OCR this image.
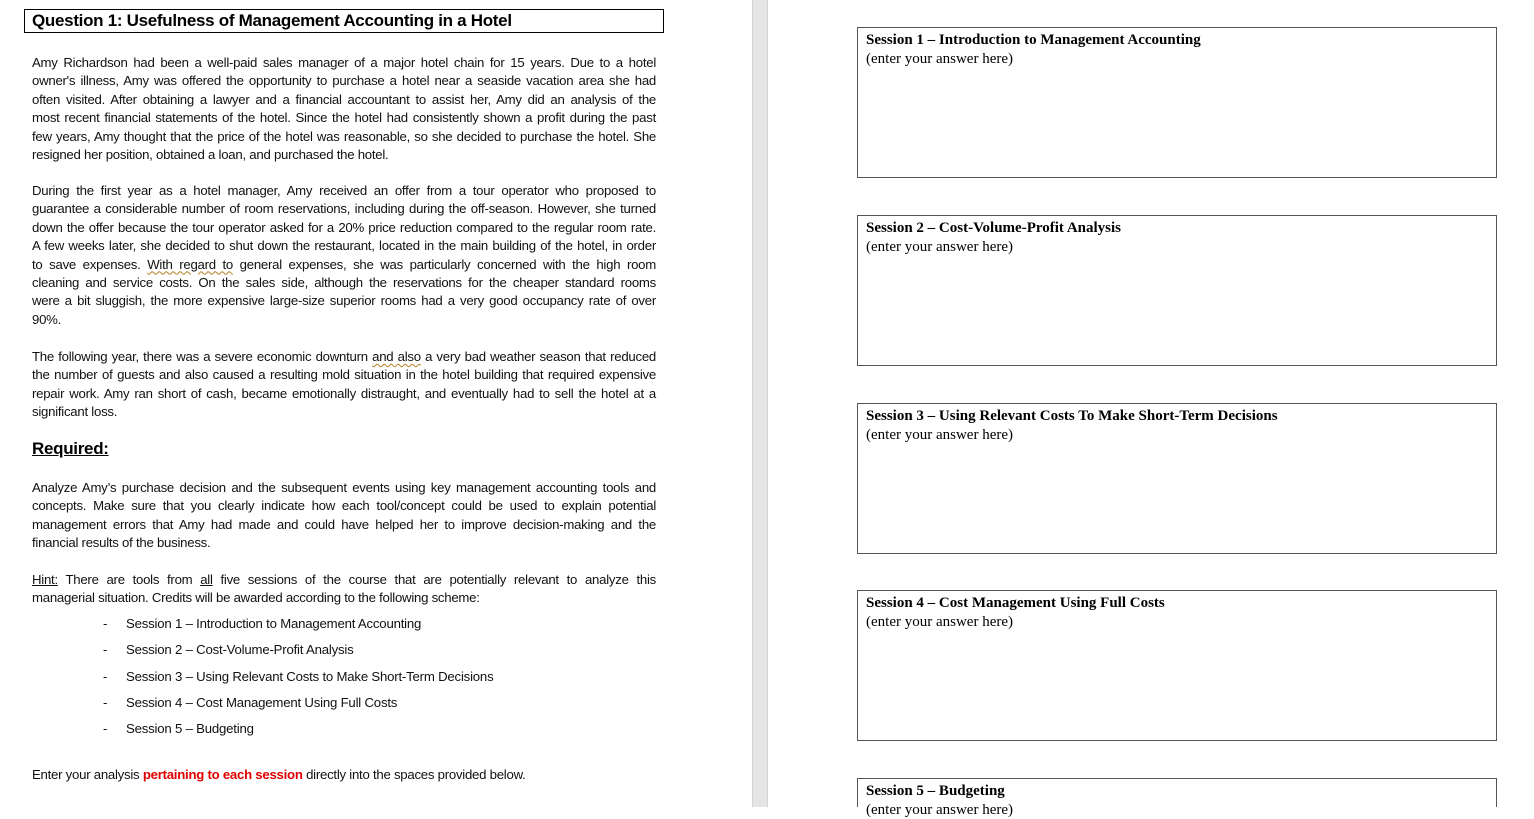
Question 1: Usefulness of Management Accounting in a Hotel
Amy Richardson had been a well-paid sales manager of a major hotel chain for 15 years. Due to a hotel
owner's illness, Amy was offered the opportunity to purchase a hotel near a seaside vacation area she had
often visited. After obtaining a lawyer and a financial accountant to assist her, Amy did an analysis of the
most recent financial statements of the hotel. Since the hotel had consistently shown a profit during the past
few years, Amy thought that the price of the hotel was reasonable, so she decided to purchase the hotel. She
resigned her position, obtained a loan, and purchased the hotel.
During the first year as a hotel manager, Amy received an offer from a tour operator who proposed to
guarantee a considerable number of room reservations, including during the off-season. However, she turned
down the offer because the tour operator asked for a 20% price reduction compared to the regular room rate.
A few weeks later, she decided to shut down the restaurant, located in the main building of the hotel, in order
to save expenses. With regard to general expenses, she was particularly concerned with the high room
cleaning and service costs. On the sales side, although the reservations for the cheaper standard rooms
were a bit sluggish, the more expensive large-size superior rooms had a very good occupancy rate of over
90%.
The following year, there was a severe economic downturn and also a very bad weather season that reduced
the number of guests and also caused a resulting mold situation in the hotel building that required expensive
repair work. Amy ran short of cash, became emotionally distraught, and eventually had to sell the hotel at a
significant loss.
Required:
Analyze Amy’s purchase decision and the subsequent events using key management accounting tools and
concepts. Make sure that you clearly indicate how each tool/concept could be used to explain potential
management errors that Amy had made and could have helped her to improve decision-making and the
financial results of the business.
Hint: There are tools from all five sessions of the course that are potentially relevant to analyze this
managerial situation. Credits will be awarded according to the following scheme:
- Session 1 – Introduction to Management Accounting
- Session 2 – Cost-Volume-Profit Analysis
- Session 3 – Using Relevant Costs to Make Short-Term Decisions
- Session 4 – Cost Management Using Full Costs
- Session 5 – Budgeting
Enter your analysis pertaining to each session directly into the spaces provided below.
Session 1 – Introduction to Management Accounting
(enter your answer here)
Session 2 – Cost-Volume-Profit Analysis
(enter your answer here)
Session 3 – Using Relevant Costs To Make Short-Term Decisions
(enter your answer here)
Session 4 – Cost Management Using Full Costs
(enter your answer here)
Session 5 – Budgeting
(enter your answer here)
